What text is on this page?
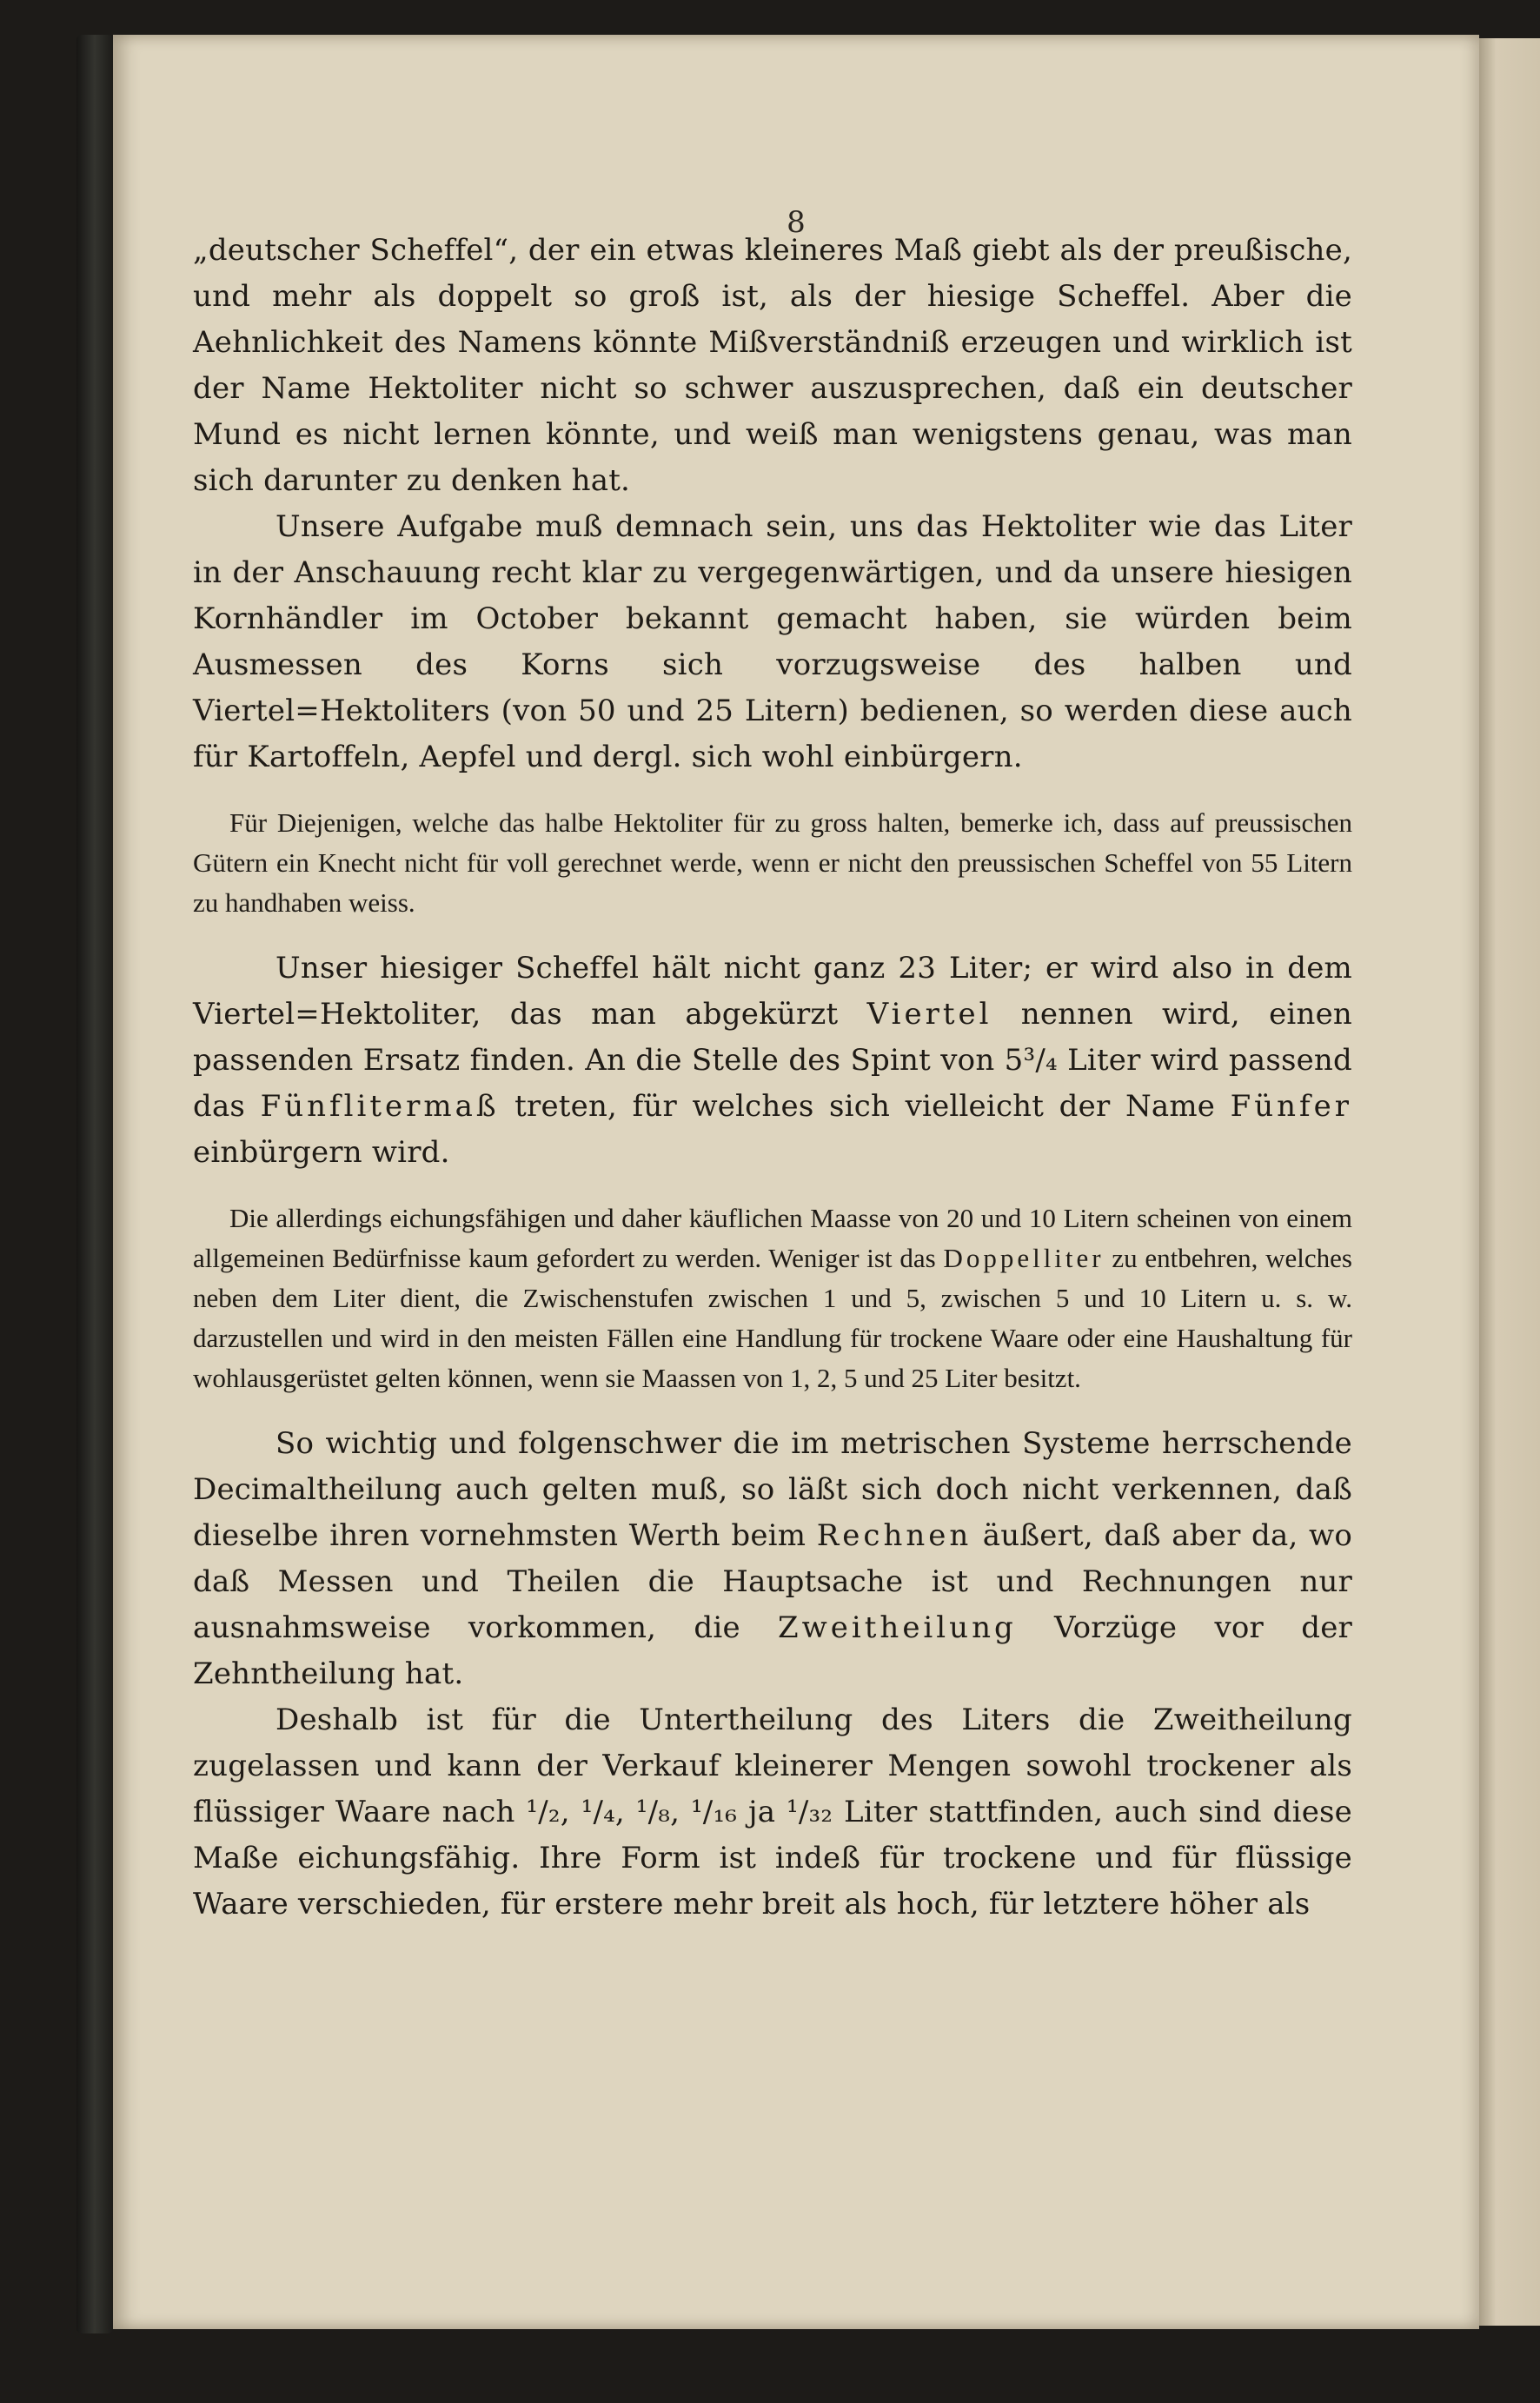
8

„deutscher Scheffel“, der ein etwas kleineres Maß giebt als der preußische, und mehr als doppelt so groß ist, als der hiesige Scheffel. Aber die Aehnlichkeit des Namens könnte Mißverständniß erzeugen und wirklich ist der Name Hektoliter nicht so schwer auszusprechen, daß ein deutscher Mund es nicht lernen könnte, und weiß man wenigstens genau, was man sich darunter zu denken hat.

Unsere Aufgabe muß demnach sein, uns das Hektoliter wie das Liter in der Anschauung recht klar zu vergegenwärtigen, und da unsere hiesigen Kornhändler im October bekannt gemacht haben, sie würden beim Ausmessen des Korns sich vorzugsweise des halben und Viertel=Hektoliters (von 50 und 25 Litern) bedienen, so werden diese auch für Kartoffeln, Aepfel und dergl. sich wohl einbürgern.

Für Diejenigen, welche das halbe Hektoliter für zu gross halten, bemerke ich, dass auf preussischen Gütern ein Knecht nicht für voll gerechnet werde, wenn er nicht den preussischen Scheffel von 55 Litern zu handhaben weiss.

Unser hiesiger Scheffel hält nicht ganz 23 Liter; er wird also in dem Viertel=Hektoliter, das man abgekürzt Viertel nennen wird, einen passenden Ersatz finden. An die Stelle des Spint von 5³/₄ Liter wird passend das Fünflitermaß treten, für welches sich vielleicht der Name Fünfer einbürgern wird.

Die allerdings eichungsfähigen und daher käuflichen Maasse von 20 und 10 Litern scheinen von einem allgemeinen Bedürfnisse kaum gefordert zu werden. Weniger ist das Doppelliter zu entbehren, welches neben dem Liter dient, die Zwischenstufen zwischen 1 und 5, zwischen 5 und 10 Litern u. s. w. darzustellen und wird in den meisten Fällen eine Handlung für trockene Waare oder eine Haushaltung für wohlausgerüstet gelten können, wenn sie Maassen von 1, 2, 5 und 25 Liter besitzt.

So wichtig und folgenschwer die im metrischen Systeme herrschende Decimaltheilung auch gelten muß, so läßt sich doch nicht verkennen, daß dieselbe ihren vornehmsten Werth beim Rechnen äußert, daß aber da, wo daß Messen und Theilen die Hauptsache ist und Rechnungen nur ausnahmsweise vorkommen, die Zweitheilung Vorzüge vor der Zehntheilung hat.

Deshalb ist für die Untertheilung des Liters die Zweitheilung zugelassen und kann der Verkauf kleinerer Mengen sowohl trockener als flüssiger Waare nach ¹/₂, ¹/₄, ¹/₈, ¹/₁₆ ja ¹/₃₂ Liter stattfinden, auch sind diese Maße eichungsfähig. Ihre Form ist indeß für trockene und für flüssige Waare verschieden, für erstere mehr breit als hoch, für letztere höher als
